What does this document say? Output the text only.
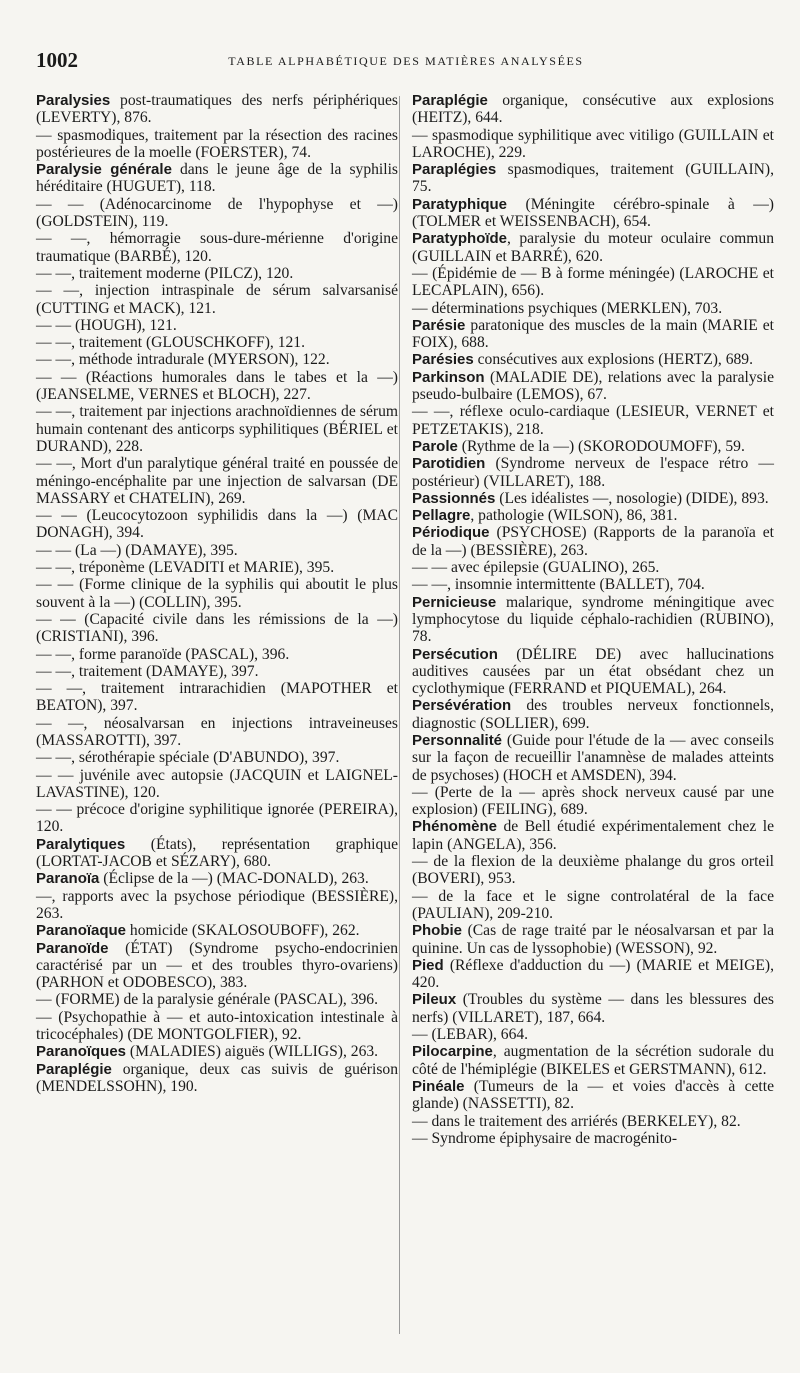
1002	TABLE ALPHABÉTIQUE DES MATIÈRES ANALYSÉES

Paralysies post-traumatiques des nerfs périphériques (LEVERTY), 876.

— spasmodiques, traitement par la résection des racines postérieures de la moelle (FOERSTER), 74.

Paralysie générale dans le jeune âge de la syphilis héréditaire (HUGUET), 118.

— — (Adénocarcinome de l'hypophyse et —) (GOLDSTEIN), 119.

— —, hémorragie sous-dure-mérienne d'origine traumatique (BARBÉ), 120.

— —, traitement moderne (PILCZ), 120.

— —, injection intraspinale de sérum salvarsanisé (CUTTING et MACK), 121.

— — (HOUGH), 121.

— —, traitement (GLOUSCHKOFF), 121.

— —, méthode intradurale (MYERSON), 122.

— — (Réactions humorales dans le tabes et la —) (JEANSELME, VERNES et BLOCH), 227.

— —, traitement par injections arachnoïdiennes de sérum humain contenant des anticorps syphilitiques (BÉRIEL et DURAND), 228.

— —, Mort d'un paralytique général traité en poussée de méningo-encéphalite par une injection de salvarsan (DE MASSARY et CHATELIN), 269.

— — (Leucocytozoon syphilidis dans la —) (MAC DONAGH), 394.

— — (La —) (DAMAYE), 395.

— —, tréponème (LEVADITI et MARIE), 395.

— — (Forme clinique de la syphilis qui aboutit le plus souvent à la —) (COLLIN), 395.

— — (Capacité civile dans les rémissions de la —) (CRISTIANI), 396.

— —, forme paranoïde (PASCAL), 396.

— —, traitement (DAMAYE), 397.

— —, traitement intrarachidien (MAPOTHER et BEATON), 397.

— —, néosalvarsan en injections intraveineuses (MASSAROTTI), 397.

— —, sérothérapie spéciale (D'ABUNDO), 397.

— — juvénile avec autopsie (JACQUIN et LAIGNEL-LAVASTINE), 120.

— — précoce d'origine syphilitique ignorée (PEREIRA), 120.

Paralytiques (États), représentation graphique (LORTAT-JACOB et SÉZARY), 680.

Paranoïa (Éclipse de la —) (MAC-DONALD), 263.

—, rapports avec la psychose périodique (BESSIÈRE), 263.

Paranoïaque homicide (SKALOSOUBOFF), 262.

Paranoïde (ÉTAT) (Syndrome psycho-endocrinien caractérisé par un — et des troubles thyro-ovariens) (PARHON et ODOBESCO), 383.

— (FORME) de la paralysie générale (PASCAL), 396.

— (Psychopathie à — et auto-intoxication intestinale à tricocéphales) (DE MONTGOLFIER), 92.

Paranoïques (MALADIES) aiguës (WILLIGS), 263.

Paraplégie organique, deux cas suivis de guérison (MENDELSSOHN), 190.

Paraplégie organique, consécutive aux explosions (HEITZ), 644.

— spasmodique syphilitique avec vitiligo (GUILLAIN et LAROCHE), 229.

Paraplégies spasmodiques, traitement (GUILLAIN), 75.

Paratyphique (Méningite cérébro-spinale à —) (TOLMER et WEISSENBACH), 654.

Paratyphoïde, paralysie du moteur oculaire commun (GUILLAIN et BARRÉ), 620.

— (Épidémie de — B à forme méningée) (LAROCHE et LECAPLAIN), 656).

— déterminations psychiques (MERKLEN), 703.

Parésie paratonique des muscles de la main (MARIE et FOIX), 688.

Parésies consécutives aux explosions (HERTZ), 689.

Parkinson (MALADIE DE), relations avec la paralysie pseudo-bulbaire (LEMOS), 67.

— —, réflexe oculo-cardiaque (LESIEUR, VERNET et PETZETAKIS), 218.

Parole (Rythme de la —) (SKORODOUMOFF), 59.

Parotidien (Syndrome nerveux de l'espace rétro — postérieur) (VILLARET), 188.

Passionnés (Les idéalistes —, nosologie) (DIDE), 893.

Pellagre, pathologie (WILSON), 86, 381.

Périodique (PSYCHOSE) (Rapports de la paranoïa et de la —) (BESSIÈRE), 263.

— — avec épilepsie (GUALINO), 265.

— —, insomnie intermittente (BALLET), 704.

Pernicieuse malarique, syndrome méningitique avec lymphocytose du liquide céphalo-rachidien (RUBINO), 78.

Persécution (DÉLIRE DE) avec hallucinations auditives causées par un état obsédant chez un cyclothymique (FERRAND et PIQUEMAL), 264.

Persévération des troubles nerveux fonctionnels, diagnostic (SOLLIER), 699.

Personnalité (Guide pour l'étude de la — avec conseils sur la façon de recueillir l'anamnèse de malades atteints de psychoses) (HOCH et AMSDEN), 394.

— (Perte de la — après shock nerveux causé par une explosion) (FEILING), 689.

Phénomène de Bell étudié expérimentalement chez le lapin (ANGELA), 356.

— de la flexion de la deuxième phalange du gros orteil (BOVERI), 953.

— de la face et le signe controlatéral de la face (PAULIAN), 209-210.

Phobie (Cas de rage traité par le néosalvarsan et par la quinine. Un cas de lyssophobie) (WESSON), 92.

Pied (Réflexe d'adduction du —) (MARIE et MEIGE), 420.

Pileux (Troubles du système — dans les blessures des nerfs) (VILLARET), 187, 664.

— (LEBAR), 664.

Pilocarpine, augmentation de la sécrétion sudorale du côté de l'hémiplégie (BIKELES et GERSTMANN), 612.

Pinéale (Tumeurs de la — et voies d'accès à cette glande) (NASSETTI), 82.

— dans le traitement des arriérés (BERKELEY), 82.

— Syndrome épiphysaire de macrogénito-
